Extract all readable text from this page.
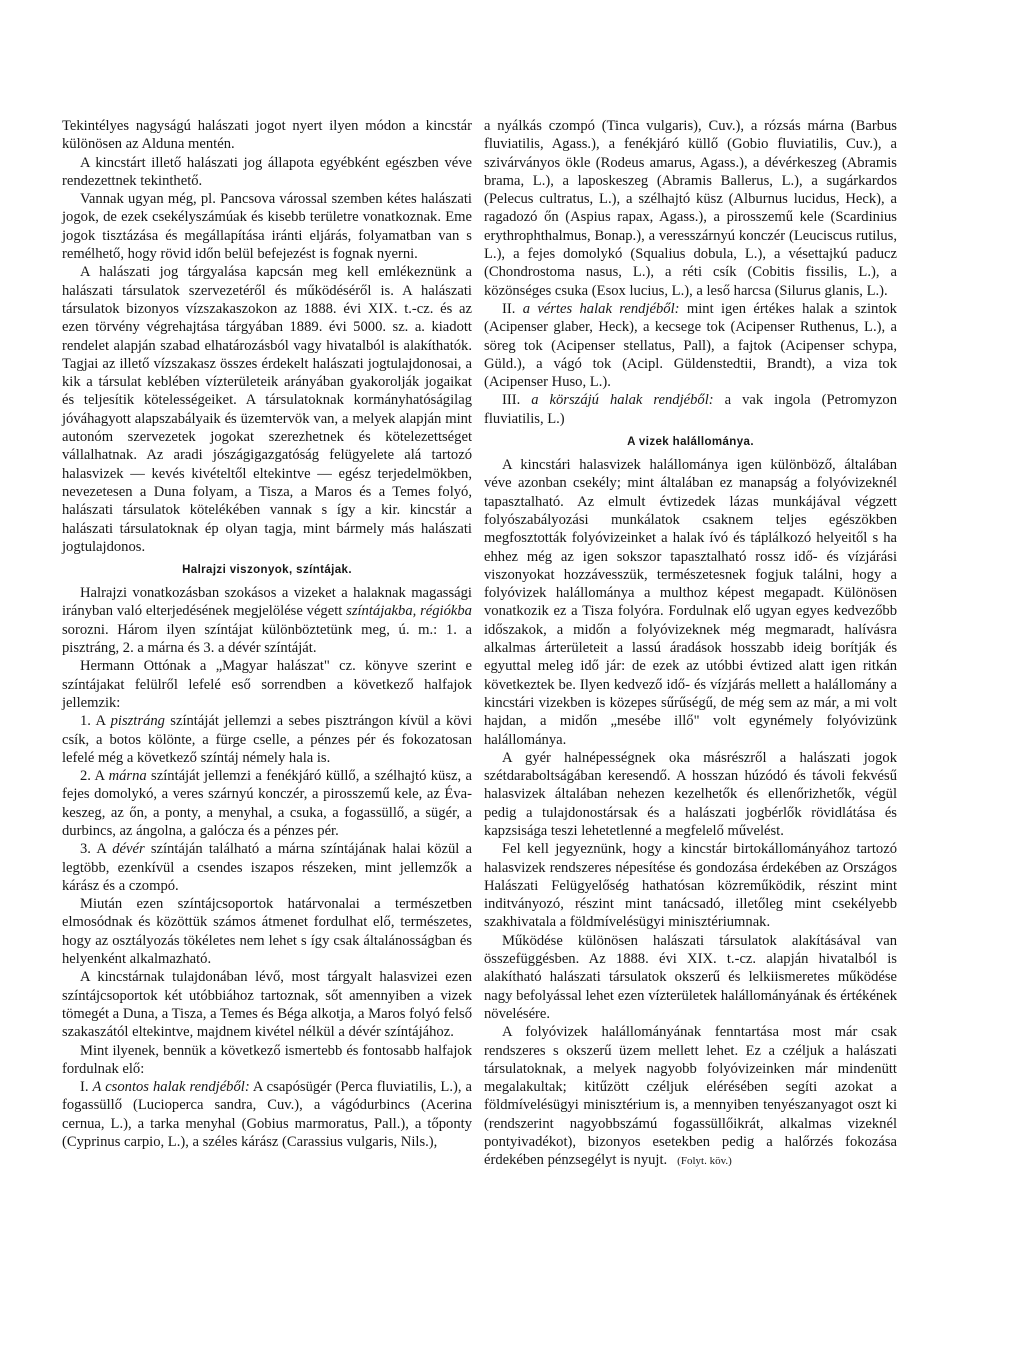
Tekintélyes nagyságú halászati jogot nyert ilyen módon a kincstár különösen az Alduna mentén.

A kincstárt illető halászati jog állapota egyébként egészben véve rendezettnek tekinthető.

Vannak ugyan még, pl. Pancsova várossal szemben kétes halászati jogok, de ezek csekélyszámúak és kisebb területre vonatkoznak. Eme jogok tisztázása és megállapítása iránti eljárás, folyamatban van s remélhető, hogy rövid időn belül befejezést is fognak nyerni.

A halászati jog tárgyalása kapcsán meg kell emlékeznünk a halászati társulatok szervezetéről és működéséről is. A halászati társulatok bizonyos vízszakaszokon az 1888. évi XIX. t.-cz. és az ezen törvény végrehajtása tárgyában 1889. évi 5000. sz. a. kiadott rendelet alapján szabad elhatározásból vagy hivatalból is alakíthatók. Tagjai az illető vízszakasz összes érdekelt halászati jogtulajdonosai, a kik a társulat keblében vízterületeik arányában gyakorolják jogaikat és teljesítik kötelességeiket. A társulatoknak kormányhatóságilag jóváhagyott alapszabályaik és üzemtervök van, a melyek alapján mint autonóm szervezetek jogokat szerezhetnek és kötelezettséget vállalhatnak. Az aradi jószágigazgatóság felügyelete alá tartozó halasvizek — kevés kivételtől eltekintve — egész terjedelmökben, nevezetesen a Duna folyam, a Tisza, a Maros és a Temes folyó, halászati társulatok kötelékében vannak s így a kir. kincstár a halászati társulatoknak ép olyan tagja, mint bármely más halászati jogtulajdonos.

Halrajzi viszonyok, színtájak.

Halrajzi vonatkozásban szokásos a vizeket a halaknak magassági irányban való elterjedésének megjelölése végett színtájakba, régiókba sorozni. Három ilyen színtájat különböztetünk meg, ú. m.: 1. a pisztráng, 2. a márna és 3. a dévér színtáját.

Hermann Ottónak a „Magyar halászat" cz. könyve szerint e színtájakat felülről lefelé eső sorrendben a következő halfajok jellemzik:

1. A pisztráng színtáját jellemzi a sebes pisztrángon kívül a kövi csík, a botos kölönte, a fürge cselle, a pénzes pér és fokozatosan lefelé még a következő színtáj némely hala is.

2. A márna színtáját jellemzi a fenékjáró küllő, a szélhajtó küsz, a fejes domolykó, a veres szárnyú konczér, a pirosszemű kele, az Éva-keszeg, az őn, a ponty, a menyhal, a csuka, a fogassüllő, a sügér, a durbincs, az ángolna, a galócza és a pénzes pér.

3. A dévér színtáján található a márna színtájának halai közül a legtöbb, ezenkívül a csendes iszapos részeken, mint jellemzők a kárász és a czompó.

Miután ezen színtájcsoportok határvonalai a természetben elmosódnak és közöttük számos átmenet fordulhat elő, természetes, hogy az osztályozás tökéletes nem lehet s így csak általánosságban és helyenként alkalmazható.

A kincstárnak tulajdonában lévő, most tárgyalt halasvizei ezen színtájcsoportok két utóbbiához tartoznak, sőt amennyiben a vizek tömegét a Duna, a Tisza, a Temes és Béga alkotja, a Maros folyó felső szakaszától eltekintve, majdnem kivétel nélkül a dévér színtájához.

Mint ilyenek, bennük a következő ismertebb és fontosabb halfajok fordulnak elő:

I. A csontos halak rendjéből: A csapósügér (Perca fluviatilis, L.), a fogassüllő (Lucioperca sandra, Cuv.), a vágódurbincs (Acerina cernua, L.), a tarka menyhal (Gobius marmoratus, Pall.), a tőponty (Cyprinus carpio, L.), a széles kárász (Carassius vulgaris, Nils.),

a nyálkás czompó (Tinca vulgaris), Cuv.), a rózsás márna (Barbus fluviatilis, Agass.), a fenékjáró küllő (Gobio fluviatilis, Cuv.), a szivárványos ökle (Rodeus amarus, Agass.), a dévérkeszeg (Abramis brama, L.), a laposkeszeg (Abramis Ballerus, L.), a sugárkardos (Pelecus cultratus, L.), a szélhajtó küsz (Alburnus lucidus, Heck), a ragadozó őn (Aspius rapax, Agass.), a pirosszemű kele (Scardinius erythrophthalmus, Bonap.), a veresszárnyú konczér (Leuciscus rutilus, L.), a fejes domolykó (Squalius dobula, L.), a vésettajkú paducz (Chondrostoma nasus, L.), a réti csík (Cobitis fissilis, L.), a közönséges csuka (Esox lucius, L.), a leső harcsa (Silurus glanis, L.).

II. a vértes halak rendjéből: mint igen értékes halak a szintok (Acipenser glaber, Heck), a kecsege tok (Acipenser Ruthenus, L.), a söreg tok (Acipenser stellatus, Pall), a fajtok (Acipenser schypa, Güld.), a vágó tok (Acipl. Güldenstedtii, Brandt), a viza tok (Acipenser Huso, L.).

III. a körszájú halak rendjéből: a vak ingola (Petromyzon fluviatilis, L.)

A vizek halállománya.

A kincstári halasvizek halállománya igen különböző, általában véve azonban csekély; mint általában ez manapság a folyóvizeknél tapasztalható. Az elmult évtizedek lázas munkájával végzett folyószabályozási munkálatok csaknem teljes egészökben megfosztották folyóvizeinket a halak ívó és táplálkozó helyeitől s ha ehhez még az igen sokszor tapasztalható rossz idő- és vízjárási viszonyokat hozzávesszük, természetesnek fogjuk találni, hogy a folyóvizek halállománya a multhoz képest megapadt. Különösen vonatkozik ez a Tisza folyóra. Fordulnak elő ugyan egyes kedvezőbb időszakok, a midőn a folyóvizeknek még megmaradt, halívásra alkalmas árterületeit a lassú áradások hosszabb ideig borítják és egyuttal meleg idő jár: de ezek az utóbbi évtized alatt igen ritkán következtek be. Ilyen kedvező idő- és vízjárás mellett a halállomány a kincstári vizekben is közepes sűrűségű, de még sem az már, a mi volt hajdan, a midőn „mesébe illő" volt egynémely folyóvizünk halállománya.

A gyér halnépességnek oka másrészről a halászati jogok szétdaraboltságában keresendő. A hosszan húzódó és távoli fekvésű halasvizek általában nehezen kezelhetők és ellenőrizhetők, végül pedig a tulajdonostársak és a halászati jogbérlők rövidlátása és kapzsisága teszi lehetetlenné a megfelelő művelést.

Fel kell jegyeznünk, hogy a kincstár birtokállományához tartozó halasvizek rendszeres népesítése és gondozása érdekében az Országos Halászati Felügyelőség hathatósan közreműködik, részint mint inditványozó, részint mint tanácsadó, illetőleg mint csekélyebb szakhivatala a földmívelésügyi minisztériumnak.

Működése különösen halászati társulatok alakításával van összefüggésben. Az 1888. évi XIX. t.-cz. alapján hivatalból is alakítható halászati társulatok okszerű és lelkiismeretes működése nagy befolyással lehet ezen vízterületek halállományának és értékének növelésére.

A folyóvizek halállományának fenntartása most már csak rendszeres s okszerű üzem mellett lehet. Ez a czéljuk a halászati társulatoknak, a melyek nagyobb folyóvizeinken már mindenütt megalakultak; kitűzött czéljuk elérésében segíti azokat a földmívelésügyi minisztérium is, a mennyiben tenyészanyagot oszt ki (rendszerint nagyobbszámú fogassüllőikrát, alkalmas vizeknél pontyivadékot), bizonyos esetekben pedig a halőrzés fokozása érdekében pénzsegélyt is nyujt. (Folyt. köv.)
